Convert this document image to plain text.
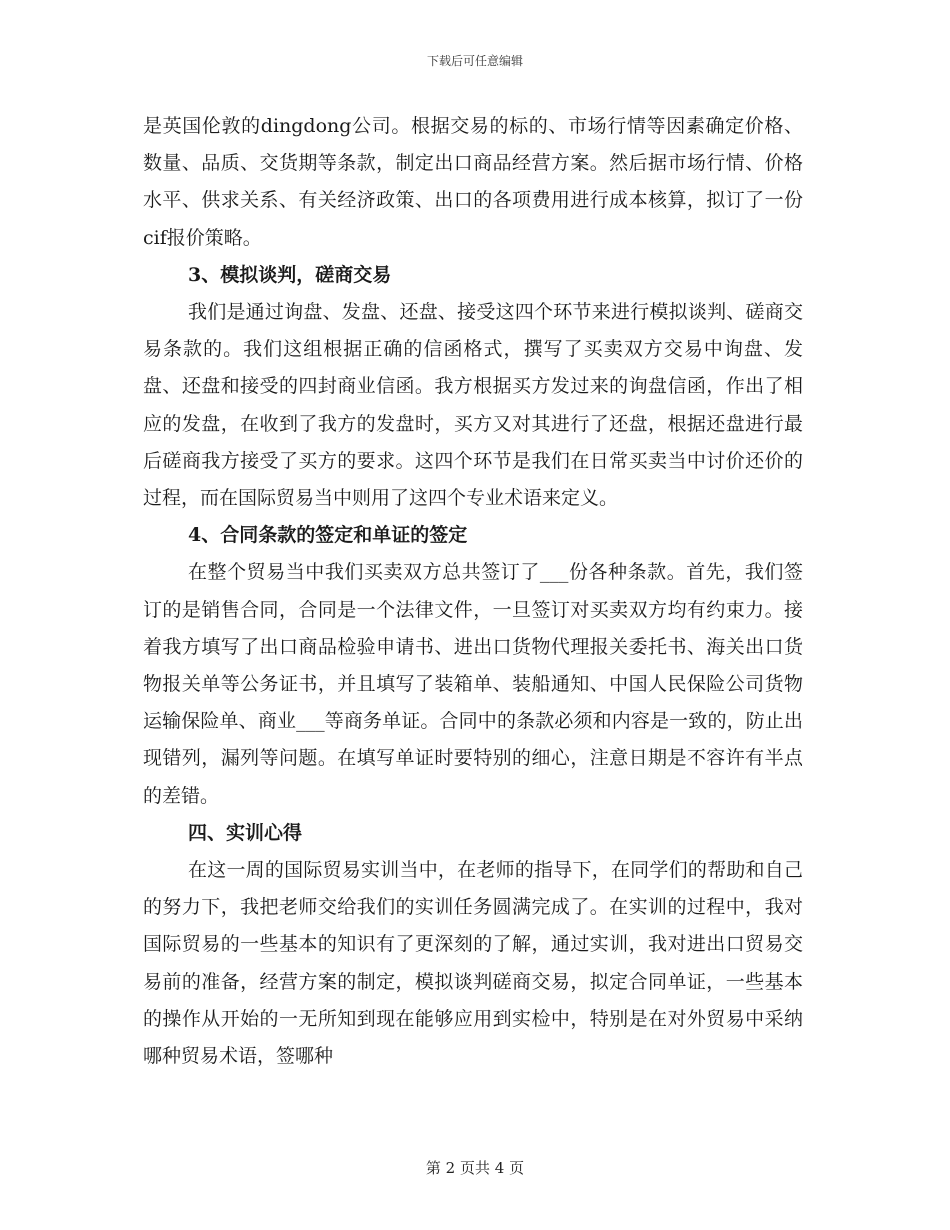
下载后可任意编辑

是英国伦敦的dingdong公司。根据交易的标的、市场行情等因素确定价格、数量、品质、交货期等条款，制定出口商品经营方案。然后据市场行情、价格水平、供求关系、有关经济政策、出口的各项费用进行成本核算，拟订了一份cif报价策略。

3、模拟谈判，磋商交易

我们是通过询盘、发盘、还盘、接受这四个环节来进行模拟谈判、磋商交易条款的。我们这组根据正确的信函格式，撰写了买卖双方交易中询盘、发盘、还盘和接受的四封商业信函。我方根据买方发过来的询盘信函，作出了相应的发盘，在收到了我方的发盘时，买方又对其进行了还盘，根据还盘进行最后磋商我方接受了买方的要求。这四个环节是我们在日常买卖当中讨价还价的过程，而在国际贸易当中则用了这四个专业术语来定义。

4、合同条款的签定和单证的签定

在整个贸易当中我们买卖双方总共签订了___份各种条款。首先，我们签订的是销售合同，合同是一个法律文件，一旦签订对买卖双方均有约束力。接着我方填写了出口商品检验申请书、进出口货物代理报关委托书、海关出口货物报关单等公务证书，并且填写了装箱单、装船通知、中国人民保险公司货物运输保险单、商业___等商务单证。合同中的条款必须和内容是一致的，防止出现错列，漏列等问题。在填写单证时要特别的细心，注意日期是不容许有半点的差错。

四、实训心得

在这一周的国际贸易实训当中，在老师的指导下，在同学们的帮助和自己的努力下，我把老师交给我们的实训任务圆满完成了。在实训的过程中，我对国际贸易的一些基本的知识有了更深刻的了解，通过实训，我对进出口贸易交易前的准备，经营方案的制定，模拟谈判磋商交易，拟定合同单证，一些基本的操作从开始的一无所知到现在能够应用到实检中，特别是在对外贸易中采纳哪种贸易术语，签哪种

第 2 页共 4 页
